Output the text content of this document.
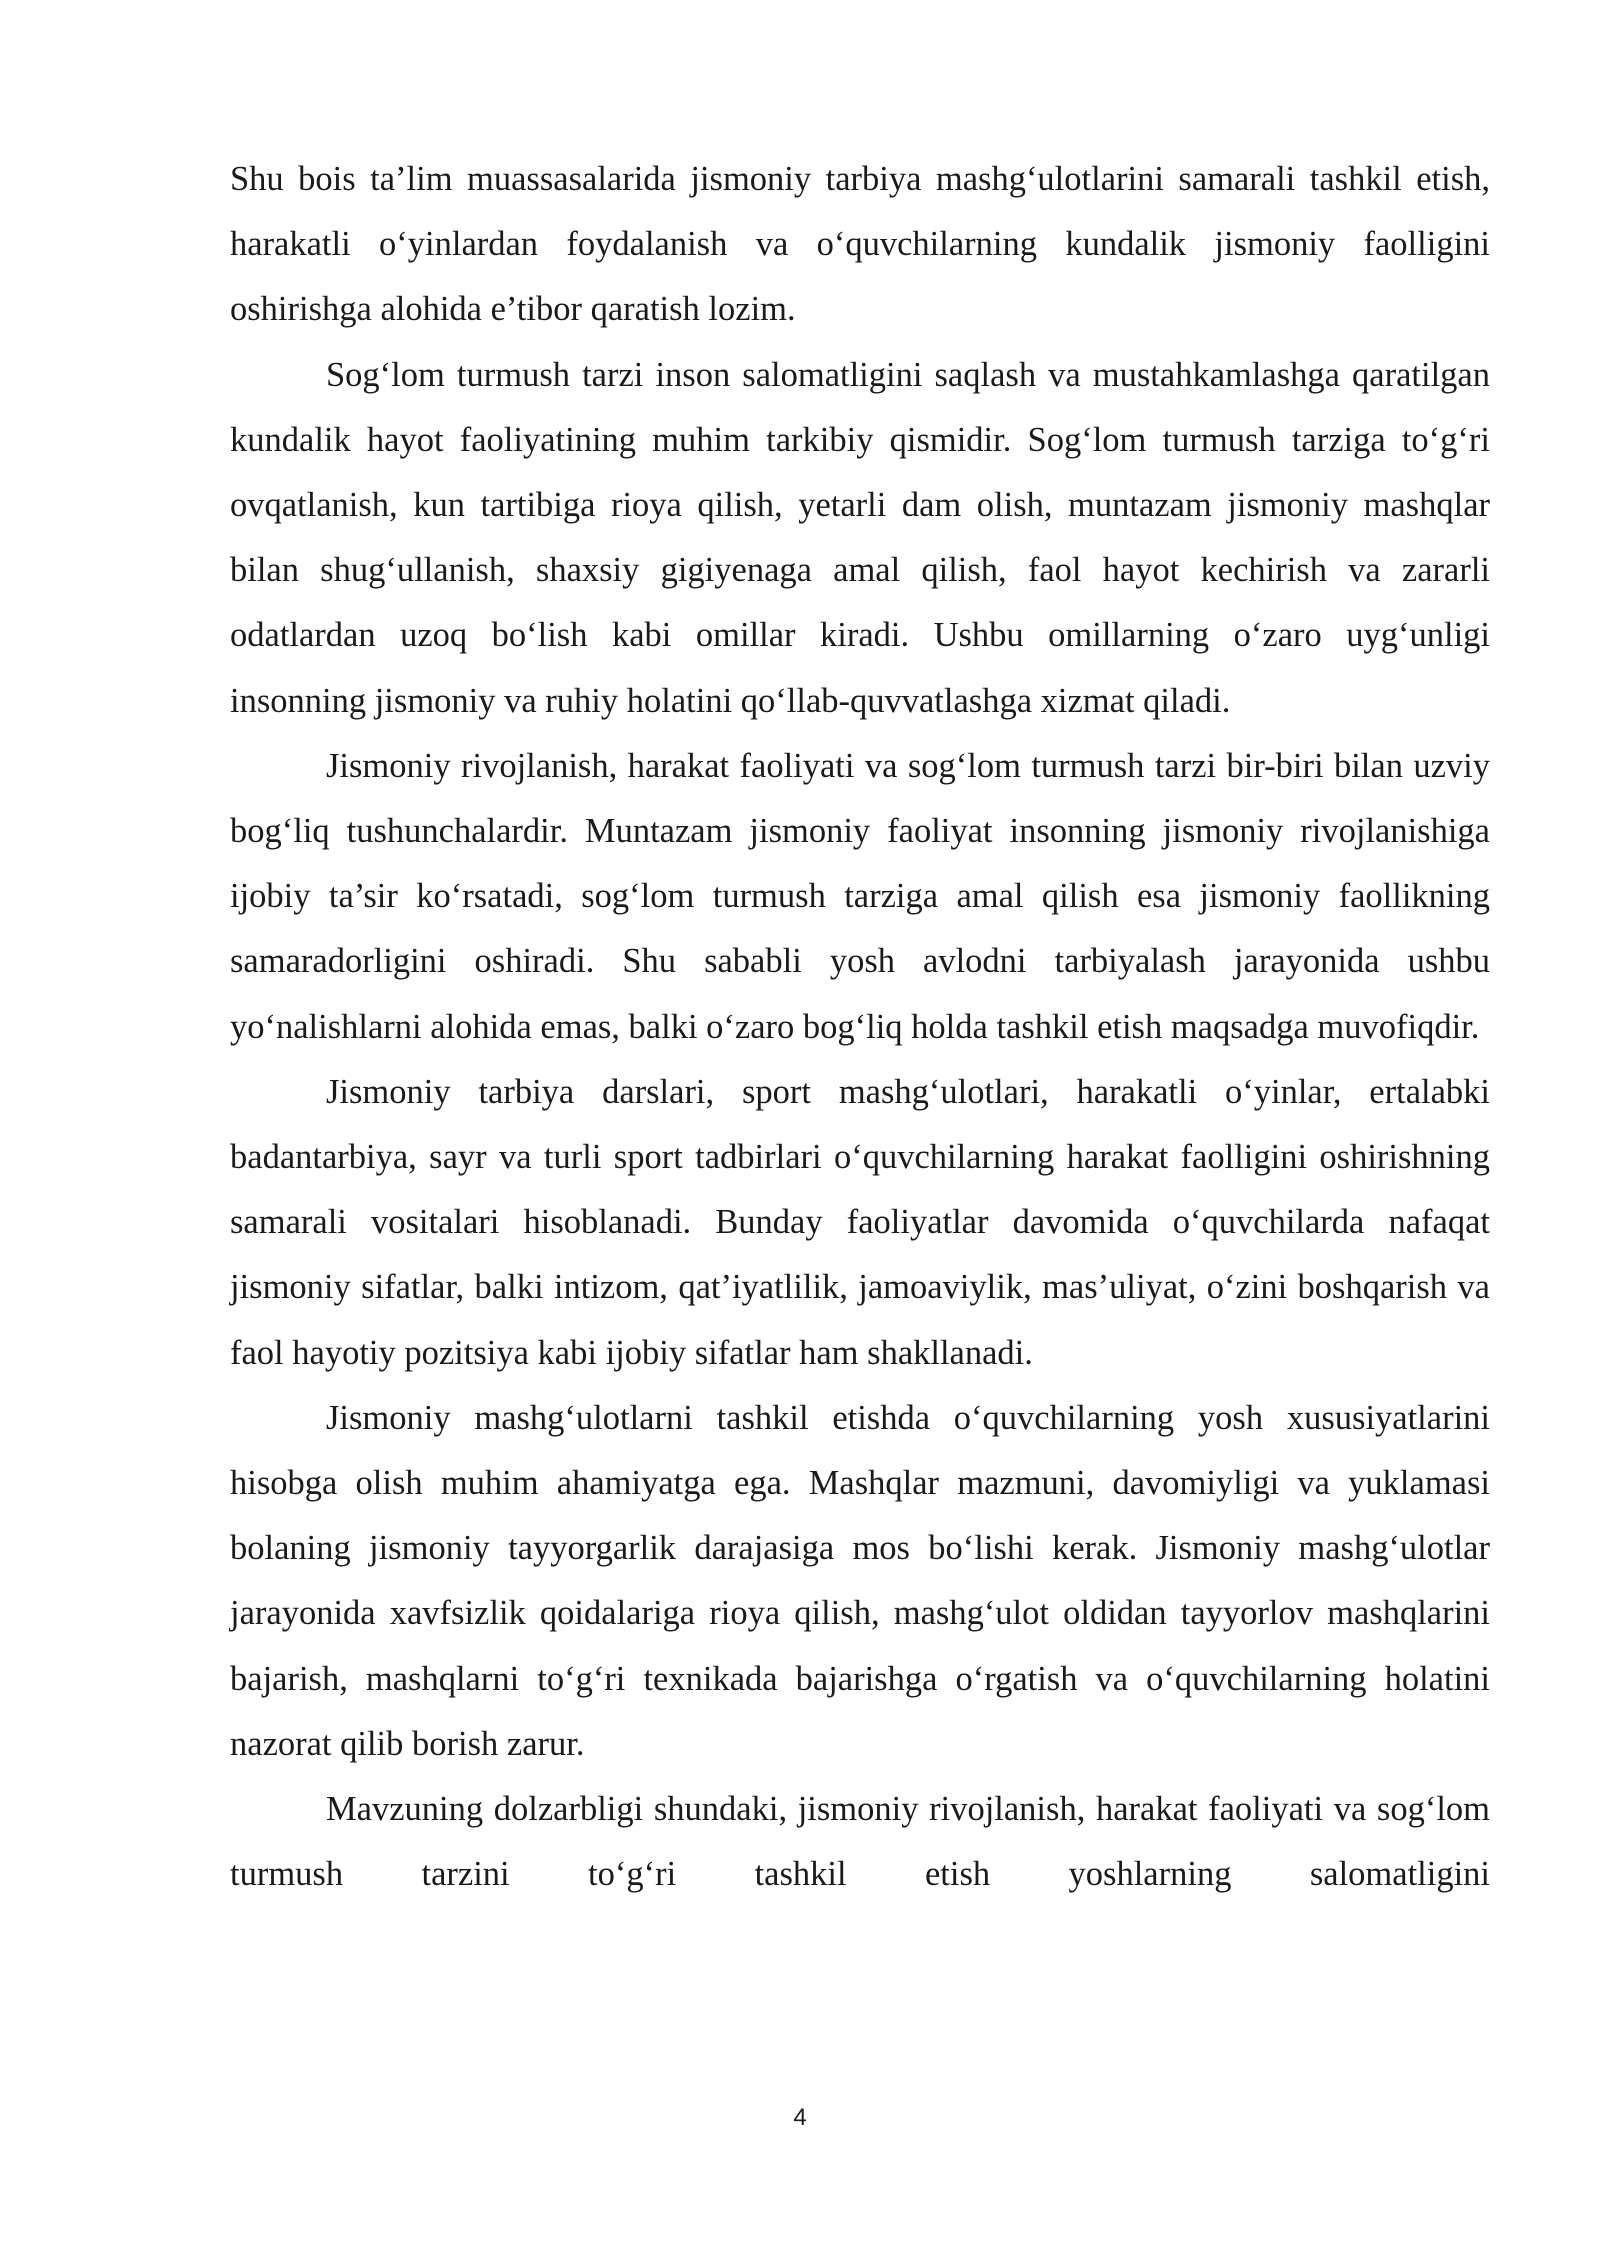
Shu bois ta’lim muassasalarida jismoniy tarbiya mashg‘ulotlarini samarali tashkil etish, harakatli o‘yinlardan foydalanish va o‘quvchilarning kundalik jismoniy faolligini oshirishga alohida e’tibor qaratish lozim.

Sog‘lom turmush tarzi inson salomatligini saqlash va mustahkamlashga qaratilgan kundalik hayot faoliyatining muhim tarkibiy qismidir. Sog‘lom turmush tarziga to‘g‘ri ovqatlanish, kun tartibiga rioya qilish, yetarli dam olish, muntazam jismoniy mashqlar bilan shug‘ullanish, shaxsiy gigiyenaga amal qilish, faol hayot kechirish va zararli odatlardan uzoq bo‘lish kabi omillar kiradi. Ushbu omillarning o‘zaro uyg‘unligi insonning jismoniy va ruhiy holatini qo‘llab-quvvatlashga xizmat qiladi.

Jismoniy rivojlanish, harakat faoliyati va sog‘lom turmush tarzi bir-biri bilan uzviy bog‘liq tushunchalardir. Muntazam jismoniy faoliyat insonning jismoniy rivojlanishiga ijobiy ta’sir ko‘rsatadi, sog‘lom turmush tarziga amal qilish esa jismoniy faollikning samaradorligini oshiradi. Shu sababli yosh avlodni tarbiyalash jarayonida ushbu yo‘nalishlarni alohida emas, balki o‘zaro bog‘liq holda tashkil etish maqsadga muvofiqdir.

Jismoniy tarbiya darslari, sport mashg‘ulotlari, harakatli o‘yinlar, ertalabki badantarbiya, sayr va turli sport tadbirlari o‘quvchilarning harakat faolligini oshirishning samarali vositalari hisoblanadi. Bunday faoliyatlar davomida o‘quvchilarda nafaqat jismoniy sifatlar, balki intizom, qat’iyatlilik, jamoaviylik, mas’uliyat, o‘zini boshqarish va faol hayotiy pozitsiya kabi ijobiy sifatlar ham shakllanadi.

Jismoniy mashg‘ulotlarni tashkil etishda o‘quvchilarning yosh xususiyatlarini hisobga olish muhim ahamiyatga ega. Mashqlar mazmuni, davomiyligi va yuklamasi bolaning jismoniy tayyorgarlik darajasiga mos bo‘lishi kerak. Jismoniy mashg‘ulotlar jarayonida xavfsizlik qoidalariga rioya qilish, mashg‘ulot oldidan tayyorlov mashqlarini bajarish, mashqlarni to‘g‘ri texnikada bajarishga o‘rgatish va o‘quvchilarning holatini nazorat qilib borish zarur.

Mavzuning dolzarbligi shundaki, jismoniy rivojlanish, harakat faoliyati va sog‘lom turmush tarzini to‘g‘ri tashkil etish yoshlarning salomatligini

4
